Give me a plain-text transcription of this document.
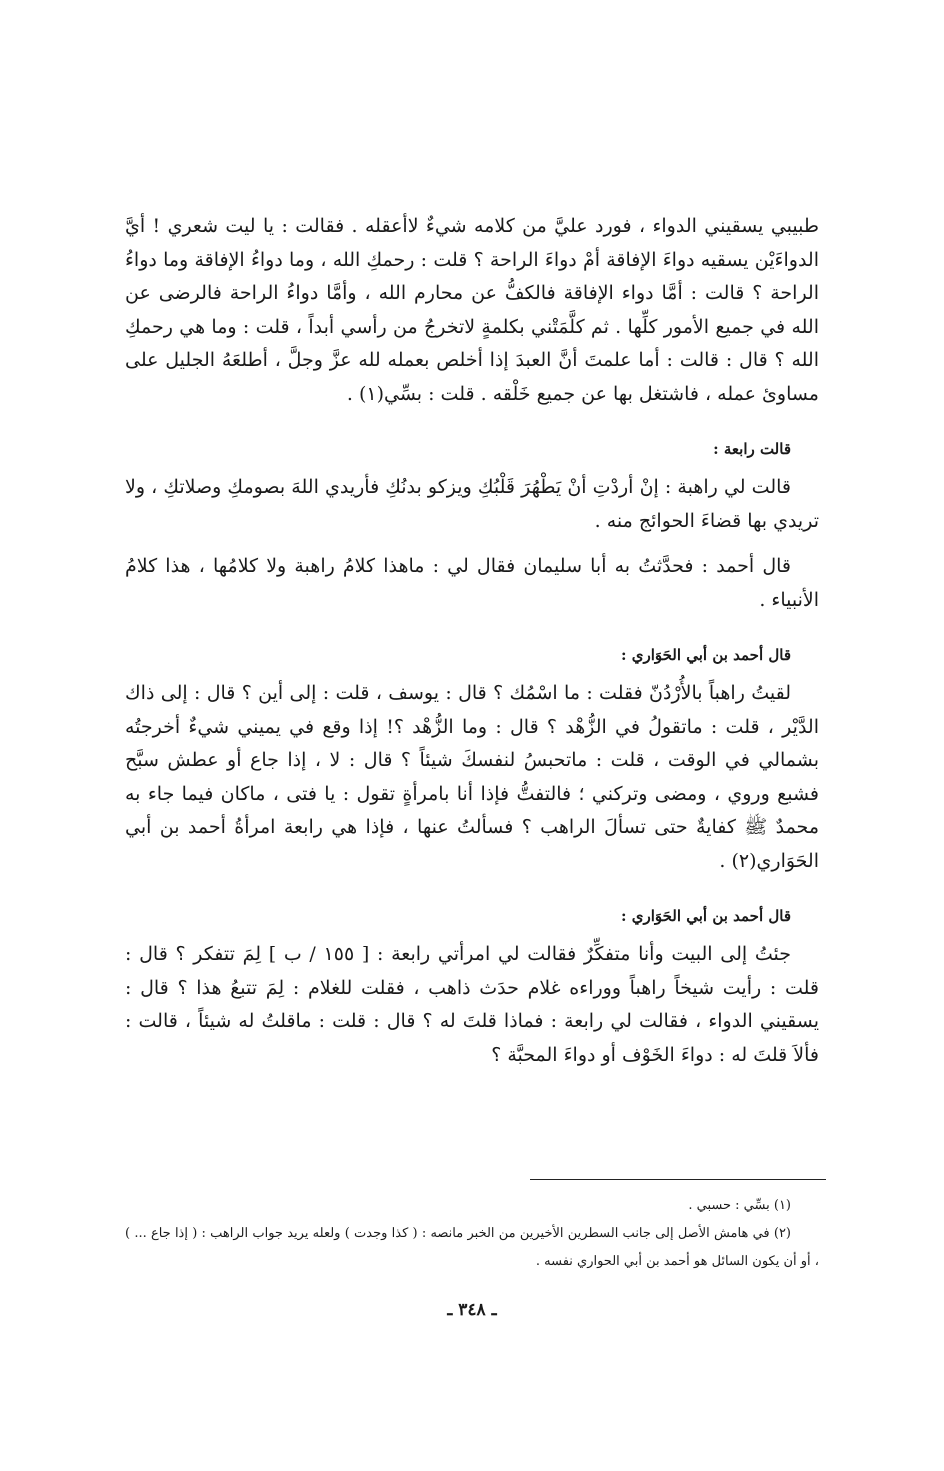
طبيبي يسقيني الدواء ، فورد عليَّ من كلامه شيءٌ لاأعقله . فقالت : يا ليت شعري ! أيَّ الدواءَيْن يسقيه دواءَ الإفاقة أمْ دواءَ الراحة ؟ قلت : رحمكِ الله ، وما دواءُ الإفاقة وما دواءُ الراحة ؟ قالت : أمَّا دواء الإفاقة فالكفُّ عن محارم الله ، وأمَّا دواءُ الراحة فالرضى عن الله في جميع الأمور كلِّها . ثم كلَّمَتْني بكلمةٍ لاتخرجُ من رأسي أبداً ، قلت : وما هي رحمكِ الله ؟ قال : قالت : أما علمتَ أنَّ العبدَ إذا أخلص بعمله لله عزَّ وجلَّ ، أطلعَهُ الجليل على مساوئ عمله ، فاشتغل بها عن جميع خَلْقه . قلت : بسِّي(١) .

قالت رابعة :

قالت لي راهبة : إنْ أردْتِ أنْ يَطْهُرَ قَلْبُكِ ويزكو بدنُكِ فأريدي اللهَ بصومكِ وصلاتكِ ، ولا تريدي بها قضاءَ الحوائج منه .

قال أحمد : فحدَّثتُ به أبا سليمان فقال لي : ماهذا كلامُ راهبة ولا كلامُها ، هذا كلامُ الأنبياء .

قال أحمد بن أبي الحَوَاري :

لقيتُ راهباً بالأُرْدُنّ فقلت : ما اسْمُك ؟ قال : يوسف ، قلت : إلى أين ؟ قال : إلى ذاك الدَّيْر ، قلت : ماتقولُ في الزُّهْد ؟ قال : وما الزُّهْد ؟! إذا وقع في يميني شيءٌ أخرجتُه بشمالي في الوقت ، قلت : ماتحبسُ لنفسكَ شيئاً ؟ قال : لا ، إذا جاع أو عطش سبَّح فشبع وروي ، ومضى وتركني ؛ فالتفتُّ فإذا أنا بامرأةٍ تقول : يا فتى ، ماكان فيما جاء به محمدٌ ﷺ كفايةٌ حتى تسألَ الراهب ؟ فسألتُ عنها ، فإذا هي رابعة امرأةُ أحمد بن أبي الحَوَاري(٢) .

قال أحمد بن أبي الحَوَاري :

جئتُ إلى البيت وأنا متفكِّرٌ فقالت لي امرأتي رابعة : [ ١٥٥ / ب ] لِمَ تتفكر ؟ قال : قلت : رأيت شيخاً راهباً ووراءه غلام حدَث ذاهب ، فقلت للغلام : لِمَ تتبعُ هذا ؟ قال : يسقيني الدواء ، فقالت لي رابعة : فماذا قلتَ له ؟ قال : قلت : ماقلتُ له شيئاً ، قالت : فألاَ قلتَ له : دواءَ الخَوْف أو دواءَ المحبَّة ؟

(١) بسِّي : حسبي .

(٢) في هامش الأصل إلى جانب السطرين الأخيرين من الخبر مانصه : ( كذا وجدت ) ولعله يريد جواب الراهب : ( إذا جاع ... ) ، أو أن يكون السائل هو أحمد بن أبي الحواري نفسه .

ـ ٣٤٨ ـ
